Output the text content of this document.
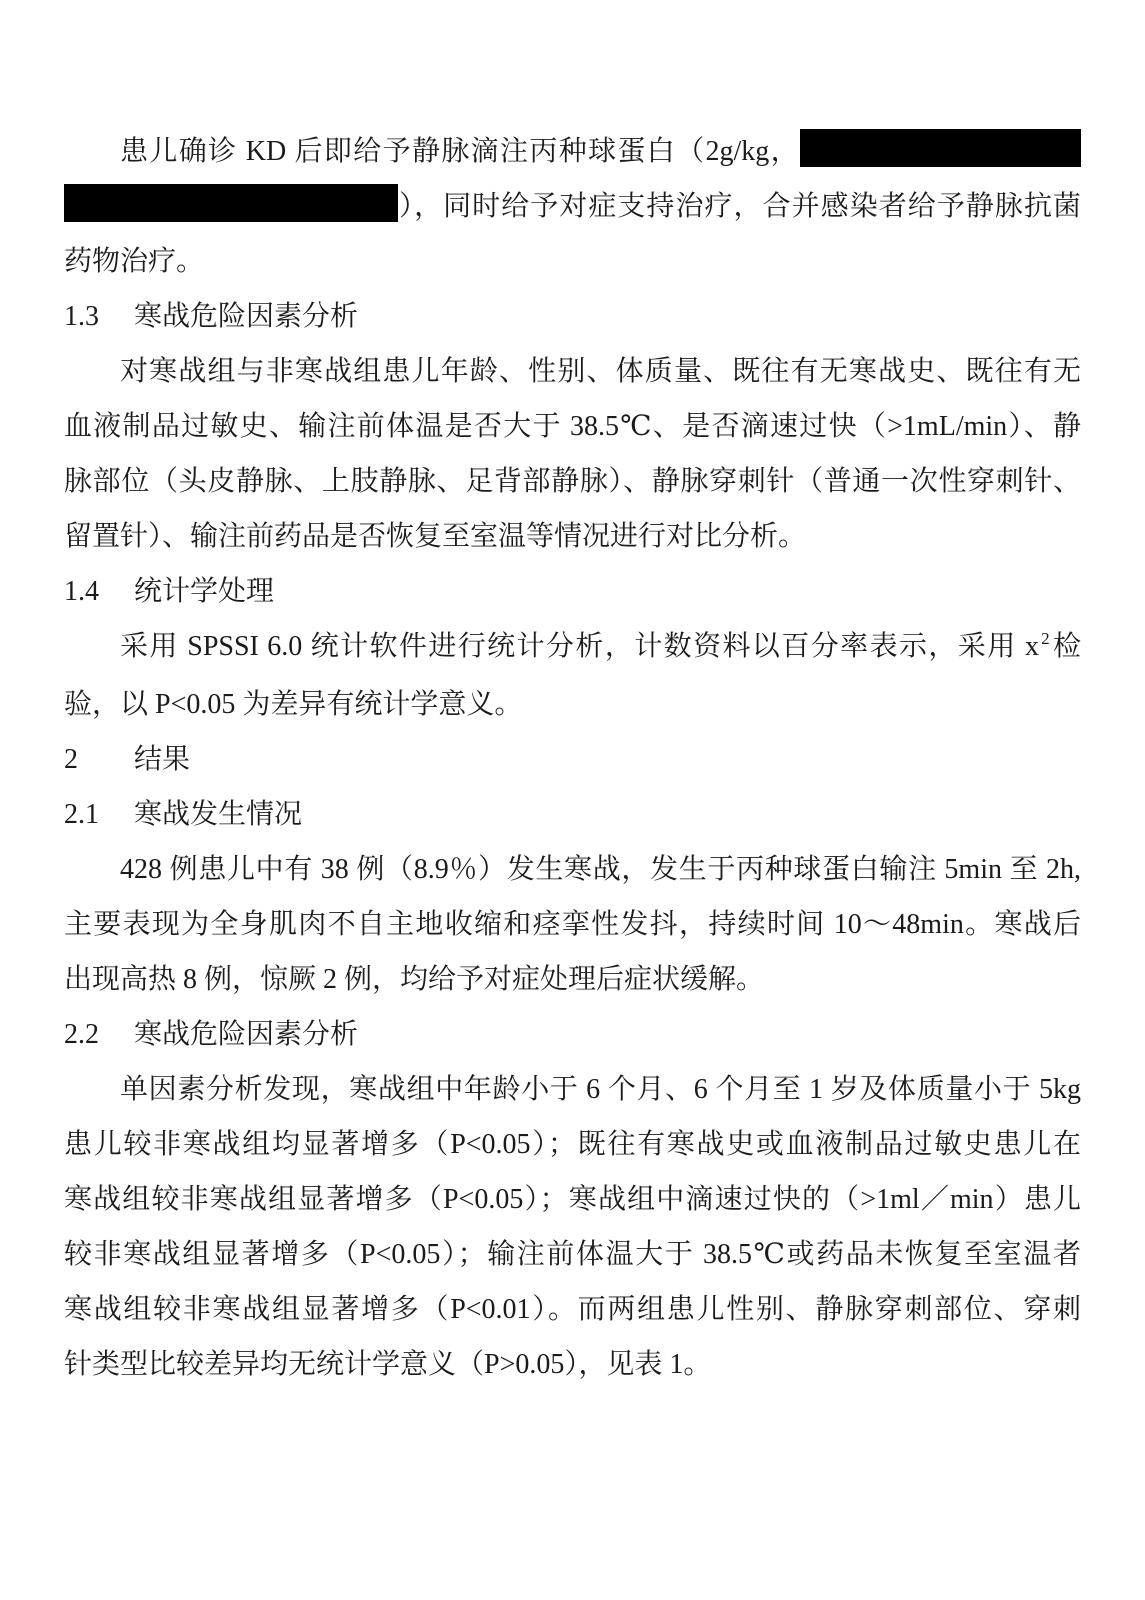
患儿确诊 KD 后即给予静脉滴注丙种球蛋白（2g/kg，
），同时给予对症支持治疗，合并感染者给予静脉抗菌
药物治疗。
1.3 寒战危险因素分析
对寒战组与非寒战组患儿年龄、性别、体质量、既往有无寒战史、既往有无
血液制品过敏史、输注前体温是否大于 38.5℃、是否滴速过快（>1mL/min）、静
脉部位（头皮静脉、上肢静脉、足背部静脉）、静脉穿刺针（普通一次性穿刺针、
留置针）、输注前药品是否恢复至室温等情况进行对比分析。
1.4 统计学处理
采用 SPSSI 6.0 统计软件进行统计分析，计数资料以百分率表示，采用 x $^2$检
验，以 P<0.05 为差异有统计学意义。
2 结果
2.1 寒战发生情况
428 例患儿中有 38 例（8.9％）发生寒战，发生于丙种球蛋白输注 5min 至 2h,
主要表现为全身肌肉不自主地收缩和痉挛性发抖，持续时间 10～48min。寒战后
出现高热 8 例，惊厥 2 例，均给予对症处理后症状缓解。
2.2 寒战危险因素分析
单因素分析发现，寒战组中年龄小于 6 个月、6 个月至 1 岁及体质量小于 5kg
患儿较非寒战组均显著增多（P<0.05）；既往有寒战史或血液制品过敏史患儿在
寒战组较非寒战组显著增多（P<0.05）；寒战组中滴速过快的（>1ml／min）患儿
较非寒战组显著增多（P<0.05）；输注前体温大于 38.5℃或药品未恢复至室温者
寒战组较非寒战组显著增多（P<0.01）。而两组患儿性别、静脉穿刺部位、穿刺
针类型比较差异均无统计学意义（P>0.05），见表 1。
